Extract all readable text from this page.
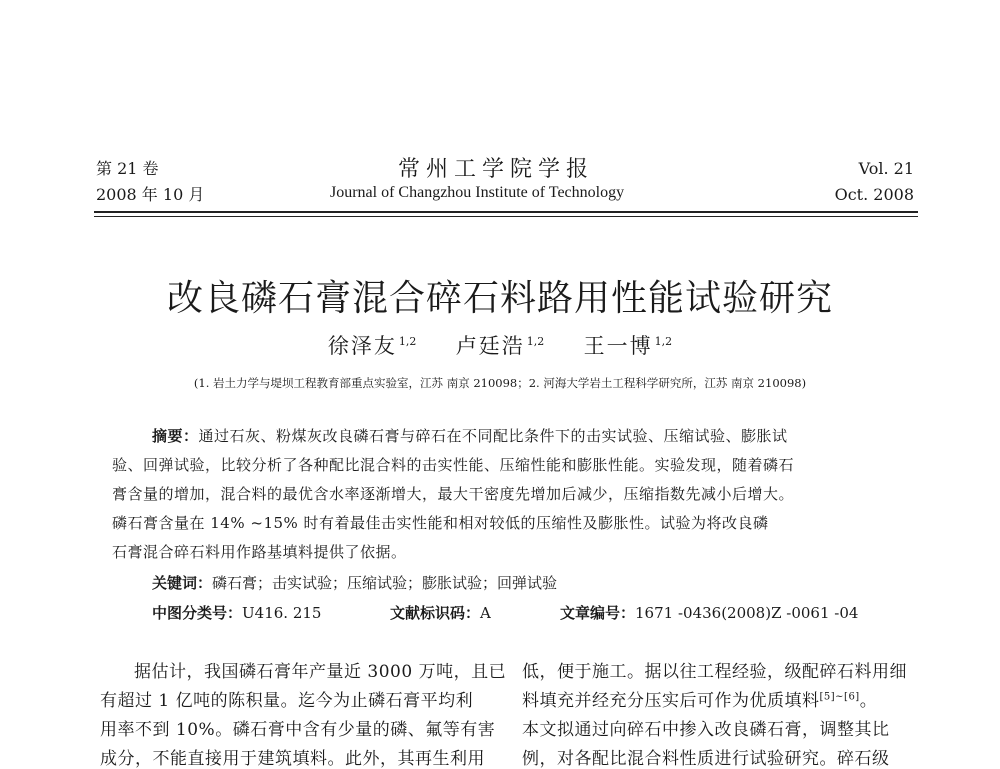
第 21 卷
2008 年 10 月
常州工学院学报
Journal of Changzhou Institute of Technology
Vol. 21
Oct. 2008
改良磷石膏混合碎石料路用性能试验研究
徐泽友 $^{1,2}$ 卢廷浩 $^{1,2}$ 王一博 $^{1,2}$
(1. 岩土力学与堤坝工程教育部重点实验室，江苏 南京 210098；2. 河海大学岩土工程科学研究所，江苏 南京 210098)
摘要：通过石灰、粉煤灰改良磷石膏与碎石在不同配比条件下的击实试验、压缩试验、膨胀试
验、回弹试验，比较分析了各种配比混合料的击实性能、压缩性能和膨胀性能。实验发现，随着磷石
膏含量的增加，混合料的最优含水率逐渐增大，最大干密度先增加后减少，压缩指数先减小后增大。
磷石膏含量在 14% ~15% 时有着最佳击实性能和相对较低的压缩性及膨胀性。试验为将改良磷
石膏混合碎石料用作路基填料提供了依据。
关键词：磷石膏；击实试验；压缩试验；膨胀试验；回弹试验
中图分类号：U416. 215	文献标识码：A	文章编号：1671 -0436(2008)Z -0061 -04
据估计，我国磷石膏年产量近 3000 万吨，且已
有超过 1 亿吨的陈积量。迄今为止磷石膏平均利
用率不到 10%。磷石膏中含有少量的磷、氟等有害
成分，不能直接用于建筑填料。此外，其再生利用
低，便于施工。据以往工程经验，级配碎石料用细
料填充并经充分压实后可作为优质填料[5]~[6]。
本文拟通过向碎石中掺入改良磷石膏，调整其比
例，对各配比混合料性质进行试验研究。碎石级
